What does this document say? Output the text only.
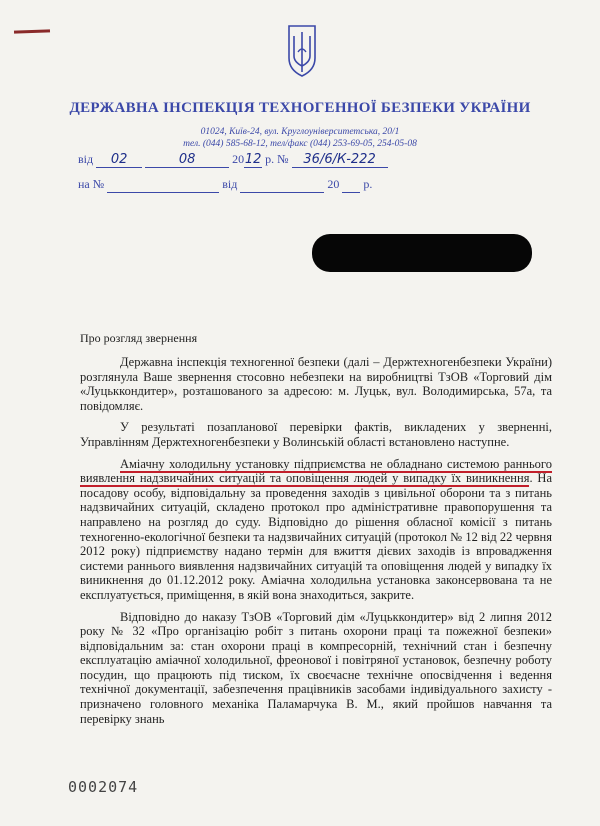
ДЕРЖАВНА ІНСПЕКЦІЯ ТЕХНОГЕННОЇ БЕЗПЕКИ УКРАЇНИ
01024, Київ-24, вул. Круглоуніверситетська, 20/1
тел. (044) 585-68-12, тел/факс (044) 253-69-05, 254-05-08
від 02	08	2012 р. № 36/6/К-222
на №	від	20 р.
Про розгляд звернення

Державна інспекція техногенної безпеки (далі – Держтехногенбезпеки України) розглянула Ваше звернення стосовно небезпеки на виробництві ТзОВ «Торговий дім «Луцьккондитер», розташованого за адресою: м. Луцьк, вул. Володимирська, 57а, та повідомляє.

У результаті позапланової перевірки фактів, викладених у зверненні, Управлінням Держтехногенбезпеки у Волинській області встановлено наступне.

Аміачну холодильну установку підприємства не обладнано системою раннього виявлення надзвичайних ситуацій та оповіщення людей у випадку їх виникнення. На посадову особу, відповідальну за проведення заходів з цивільної оборони та з питань надзвичайних ситуацій, складено протокол про адміністративне правопорушення та направлено на розгляд до суду. Відповідно до рішення обласної комісії з питань техногенно-екологічної безпеки та надзвичайних ситуацій (протокол № 12 від 22 червня 2012 року) підприємству надано термін для вжиття дієвих заходів із впровадження системи раннього виявлення надзвичайних ситуацій та оповіщення людей у випадку їх виникнення до 01.12.2012 року. Аміачна холодильна установка законсервована та не експлуатується, приміщення, в якій вона знаходиться, закрите.

Відповідно до наказу ТзОВ «Торговий дім «Луцьккондитер» від 2 липня 2012 року № 32 «Про організацію робіт з питань охорони праці та пожежної безпеки» відповідальним за: стан охорони праці в компресорній, технічний стан і безпечну експлуатацію аміачної холодильної, фреонової і повітряної установок, безпечну роботу посудин, що працюють під тиском, їх своєчасне технічне опосвідчення і ведення технічної документації, забезпечення працівників засобами індивідуального захисту - призначено головного механіка Паламарчука В. М., який пройшов навчання та перевірку знань

0002074
